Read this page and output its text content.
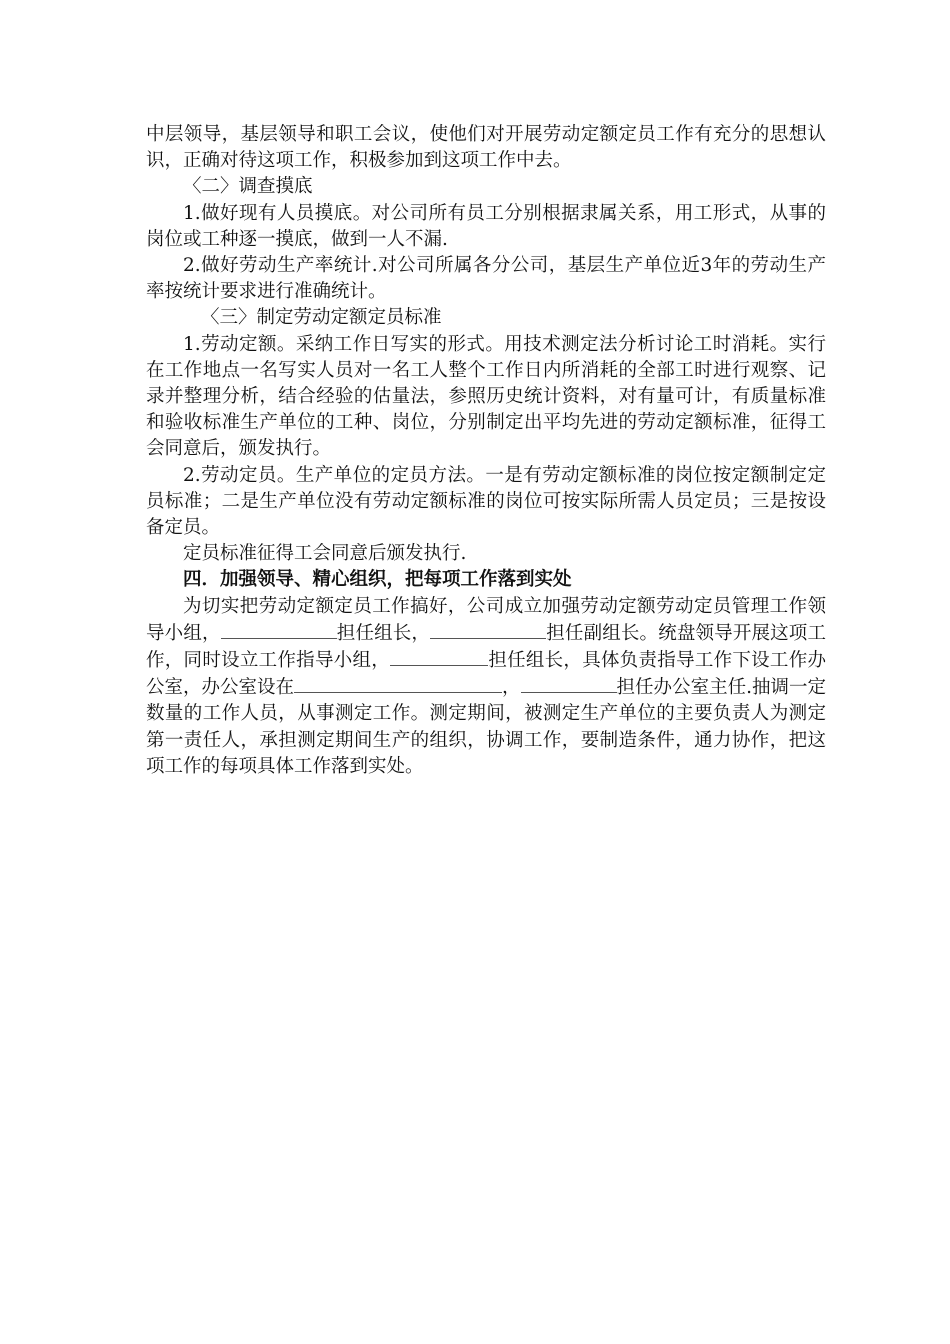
中层领导，基层领导和职工会议，使他们对开展劳动定额定员工作有充分的思想认识，正确对待这项工作，积极参加到这项工作中去。

〈二〉调查摸底

1.做好现有人员摸底。对公司所有员工分别根据隶属关系，用工形式，从事的岗位或工种逐一摸底，做到一人不漏.

2.做好劳动生产率统计.对公司所属各分公司，基层生产单位近3年的劳动生产率按统计要求进行准确统计。

〈三〉制定劳动定额定员标准

1.劳动定额。采纳工作日写实的形式。用技术测定法分析讨论工时消耗。实行在工作地点一名写实人员对一名工人整个工作日内所消耗的全部工时进行观察、记录并整理分析，结合经验的估量法，参照历史统计资料，对有量可计，有质量标准和验收标准生产单位的工种、岗位，分别制定出平均先进的劳动定额标准，征得工会同意后，颁发执行。

2.劳动定员。生产单位的定员方法。一是有劳动定额标准的岗位按定额制定定员标准；二是生产单位没有劳动定额标准的岗位可按实际所需人员定员；三是按设备定员。

定员标准征得工会同意后颁发执行.

四．加强领导、精心组织，把每项工作落到实处

为切实把劳动定额定员工作搞好，公司成立加强劳动定额劳动定员管理工作领导小组，	担任组长，	担任副组长。统盘领导开展这项工作，同时设立工作指导小组，	担任组长，具体负责指导工作下设工作办公室，办公室设在	，	担任办公室主任.抽调一定数量的工作人员，从事测定工作。测定期间，被测定生产单位的主要负责人为测定第一责任人，承担测定期间生产的组织，协调工作，要制造条件，通力协作，把这项工作的每项具体工作落到实处。
